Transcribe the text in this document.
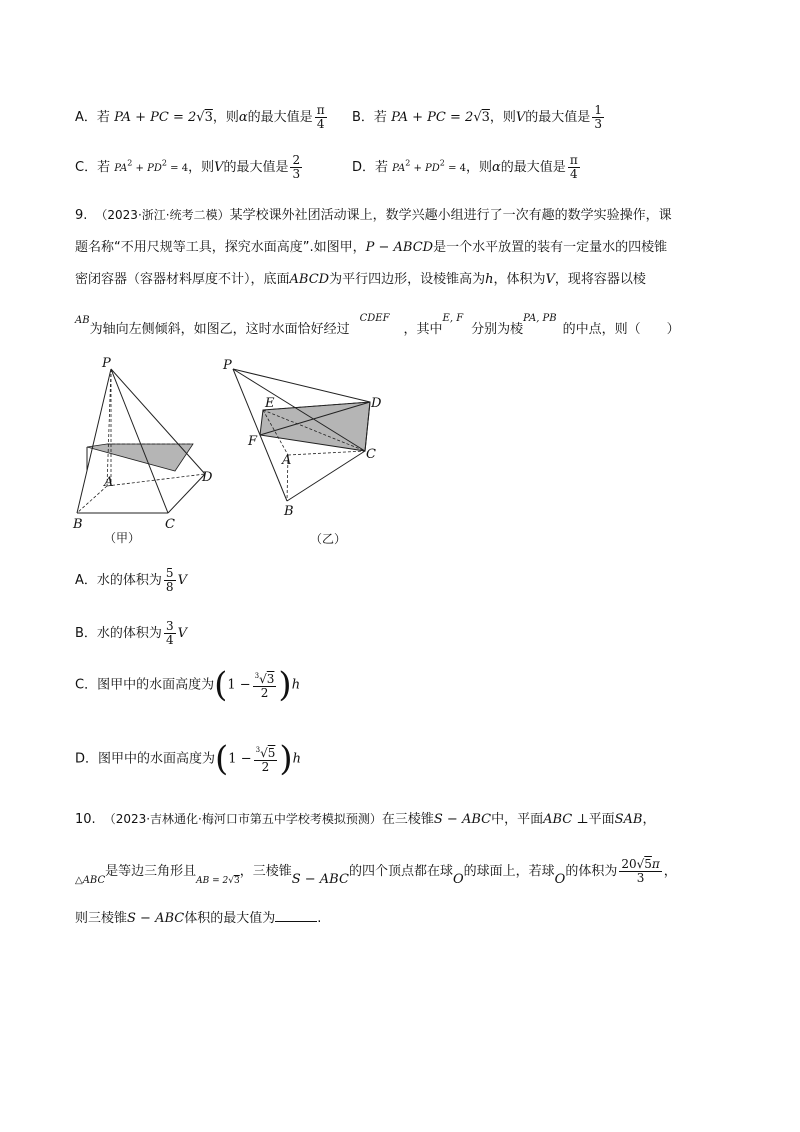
A．若 PA + PC = 2√3，则α的最大值是 $\frac{\pi}{4}$ B．若 PA + PC = 2√3，则V的最大值是 $\frac{1}{3}$
C．若 $PA^2 + PD^2 = 4$，则V的最大值是 $\frac{2}{3}$	D．若 $PA^2 + PD^2 = 4$，则α的最大值是 $\frac{\pi}{4}$
9. （2023·浙江·统考二模）某学校课外社团活动课上，数学兴趣小组进行了一次有趣的数学实验操作，课
题名称“不用尺规等工具，探究水面高度”.如图甲，P − ABCD是一个水平放置的装有一定量水的四棱锥
密闭容器（容器材料厚度不计），底面ABCD为平行四边形，设棱锥高为h，体积为V，现将容器以棱
$^{AB}$为轴向左侧倾斜，如图乙，这时水面恰好经过$^{CDEF}$，其中$^{E, F}$分别为棱$^{PA, PB}$的中点，则（　　）
P
A
B	C
D
（甲）
P
E
F
A
B
C
D
（乙）
A．水的体积为 $\frac{5}{8}$ V
B．水的体积为 $\frac{3}{4}$ V
C．图甲中的水面高度为$(1 - \frac{^3√3}{2} )h$
D．图甲中的水面高度为$(1 - \frac{^3√5}{2} )h$
10. （2023·吉林通化·梅河口市第五中学校考模拟预测）在三棱锥S − ABC中，平面ABC ⊥平面SAB，
$_{\triangle ABC}$是等边三角形且$_{AB = 2√3}$，三棱锥S − ABC的四个顶点都在球O的球面上，若球O的体积为 $\frac{20√5\pi}{3}$ ，
则三棱锥S − ABC体积的最大值为	.
